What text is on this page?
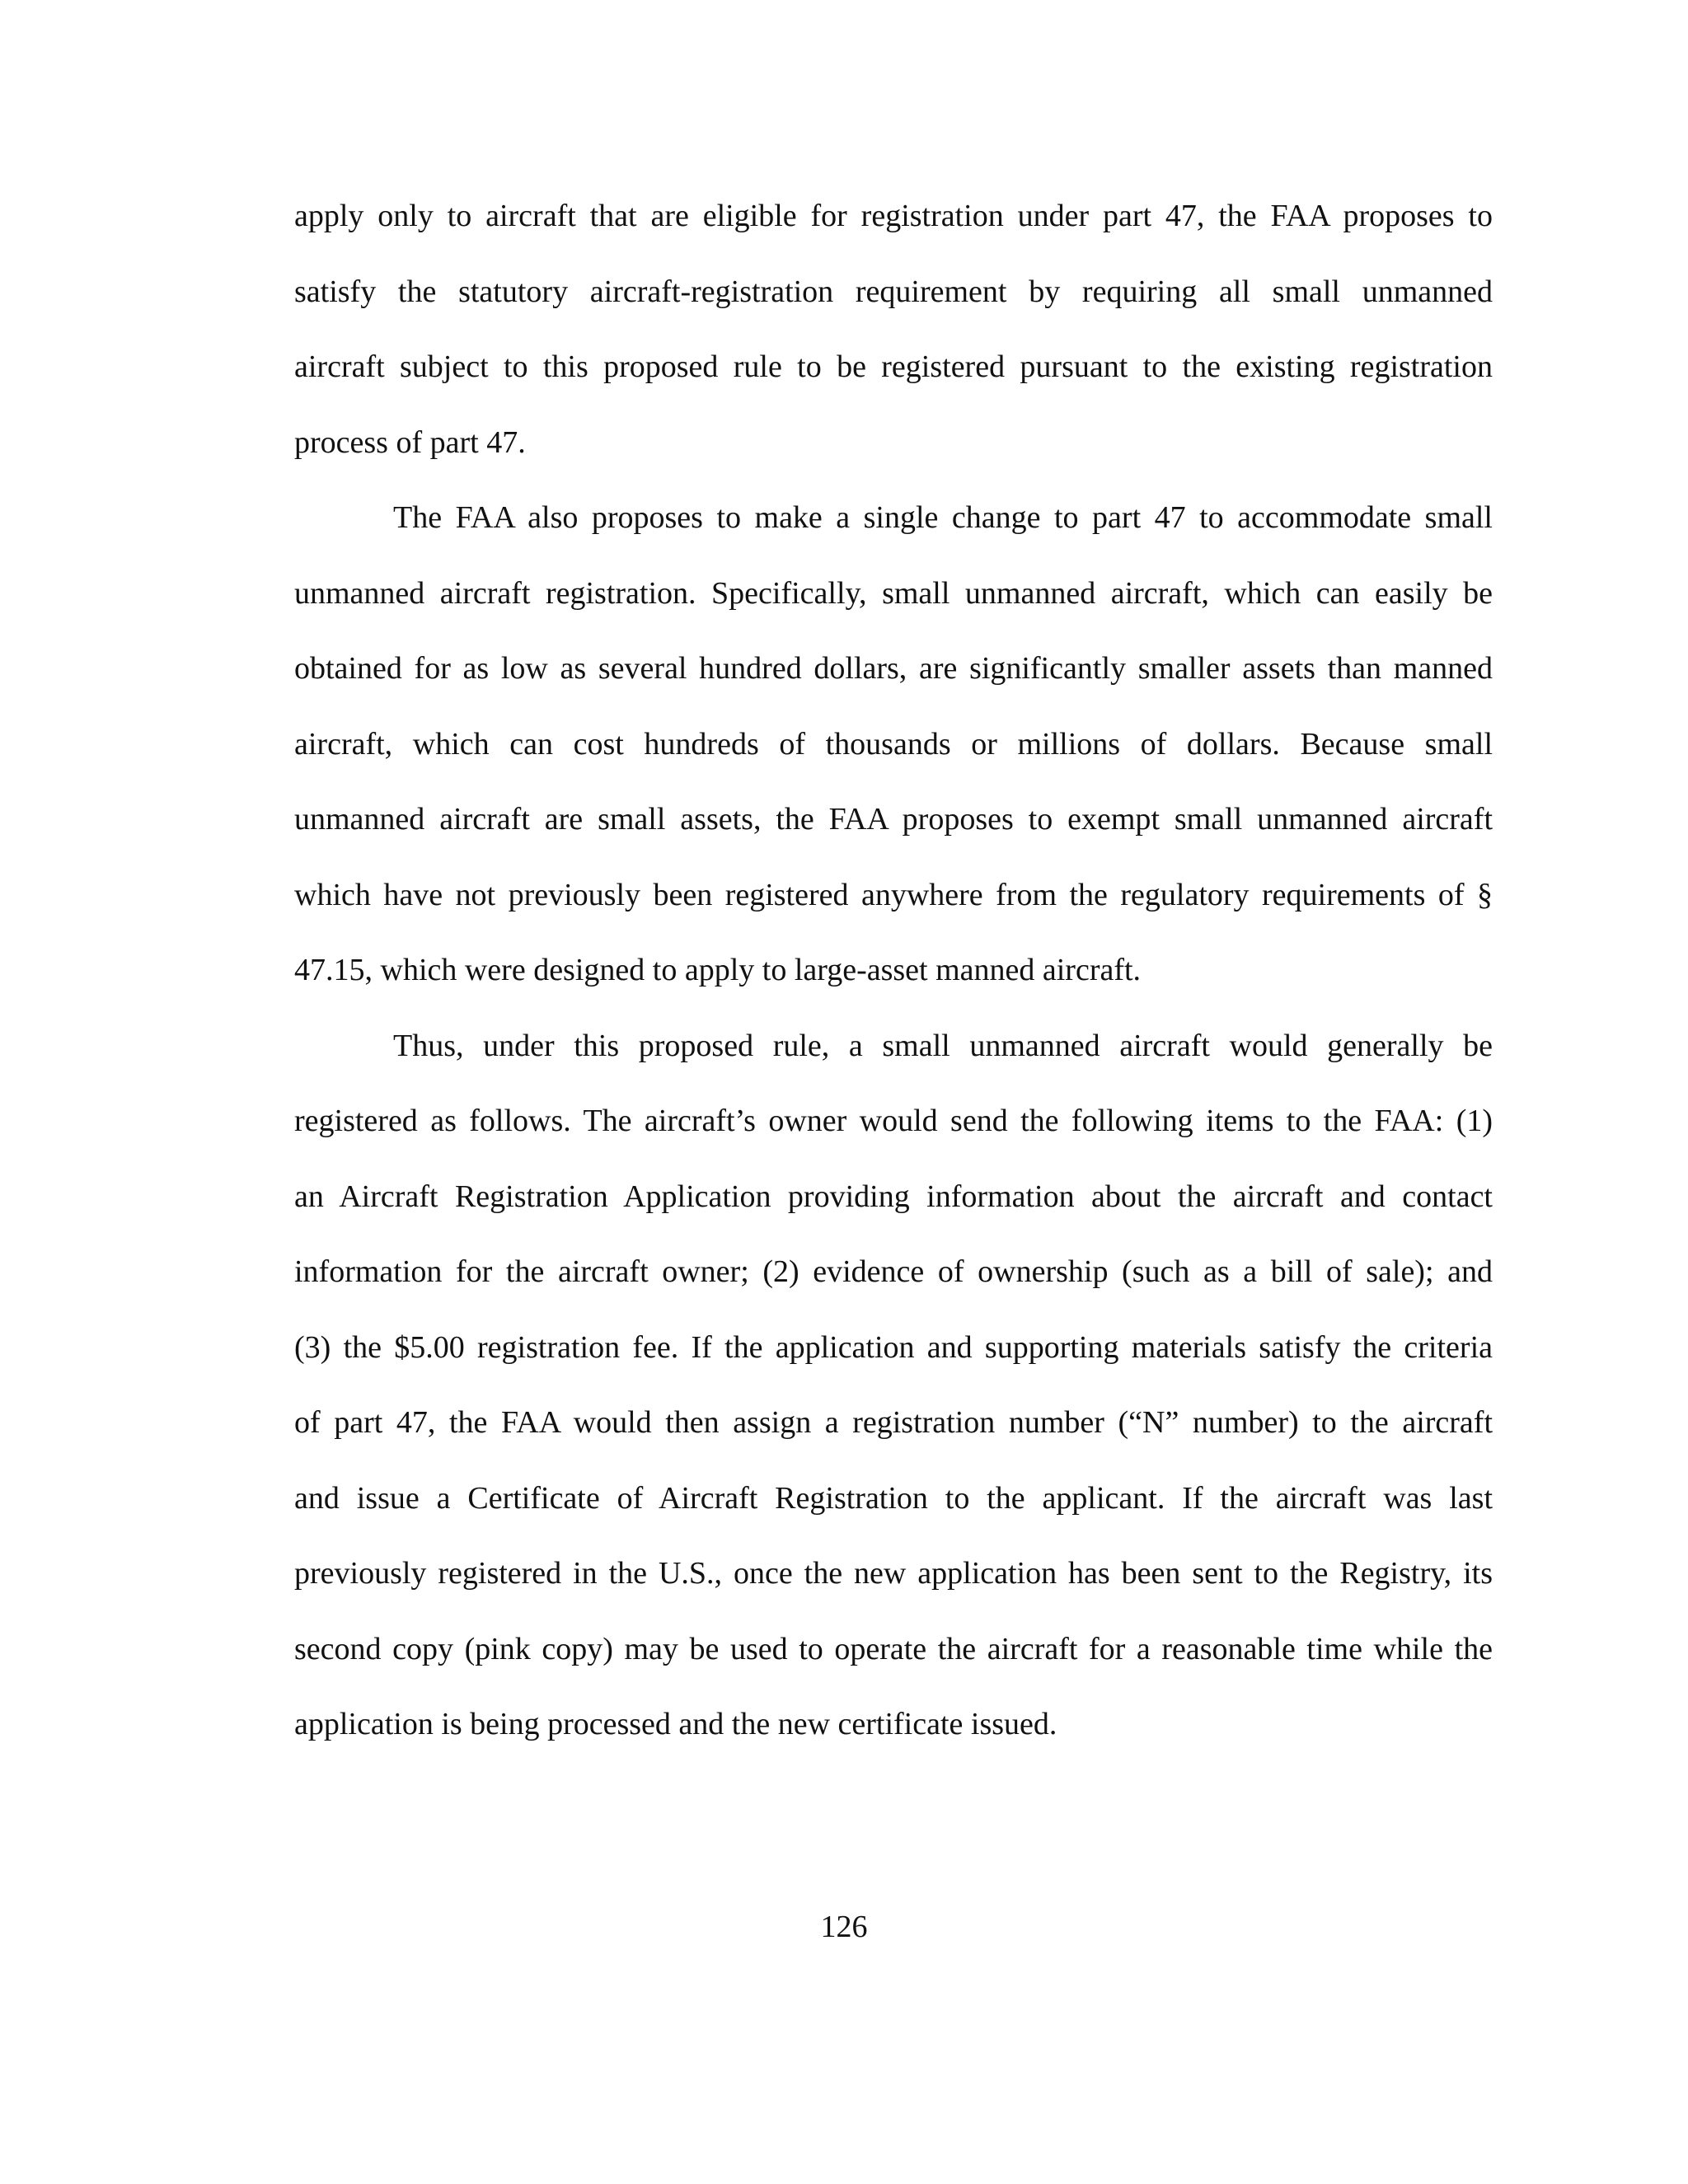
apply only to aircraft that are eligible for registration under part 47, the FAA proposes to
satisfy the statutory aircraft-registration requirement by requiring all small unmanned
aircraft subject to this proposed rule to be registered pursuant to the existing registration
process of part 47.
The FAA also proposes to make a single change to part 47 to accommodate small
unmanned aircraft registration. Specifically, small unmanned aircraft, which can easily be
obtained for as low as several hundred dollars, are significantly smaller assets than manned
aircraft, which can cost hundreds of thousands or millions of dollars. Because small
unmanned aircraft are small assets, the FAA proposes to exempt small unmanned aircraft
which have not previously been registered anywhere from the regulatory requirements of §
47.15, which were designed to apply to large-asset manned aircraft.
Thus, under this proposed rule, a small unmanned aircraft would generally be
registered as follows. The aircraft’s owner would send the following items to the FAA: (1)
an Aircraft Registration Application providing information about the aircraft and contact
information for the aircraft owner; (2) evidence of ownership (such as a bill of sale); and
(3) the $5.00 registration fee. If the application and supporting materials satisfy the criteria
of part 47, the FAA would then assign a registration number (“N” number) to the aircraft
and issue a Certificate of Aircraft Registration to the applicant. If the aircraft was last
previously registered in the U.S., once the new application has been sent to the Registry, its
second copy (pink copy) may be used to operate the aircraft for a reasonable time while the
application is being processed and the new certificate issued.
126
